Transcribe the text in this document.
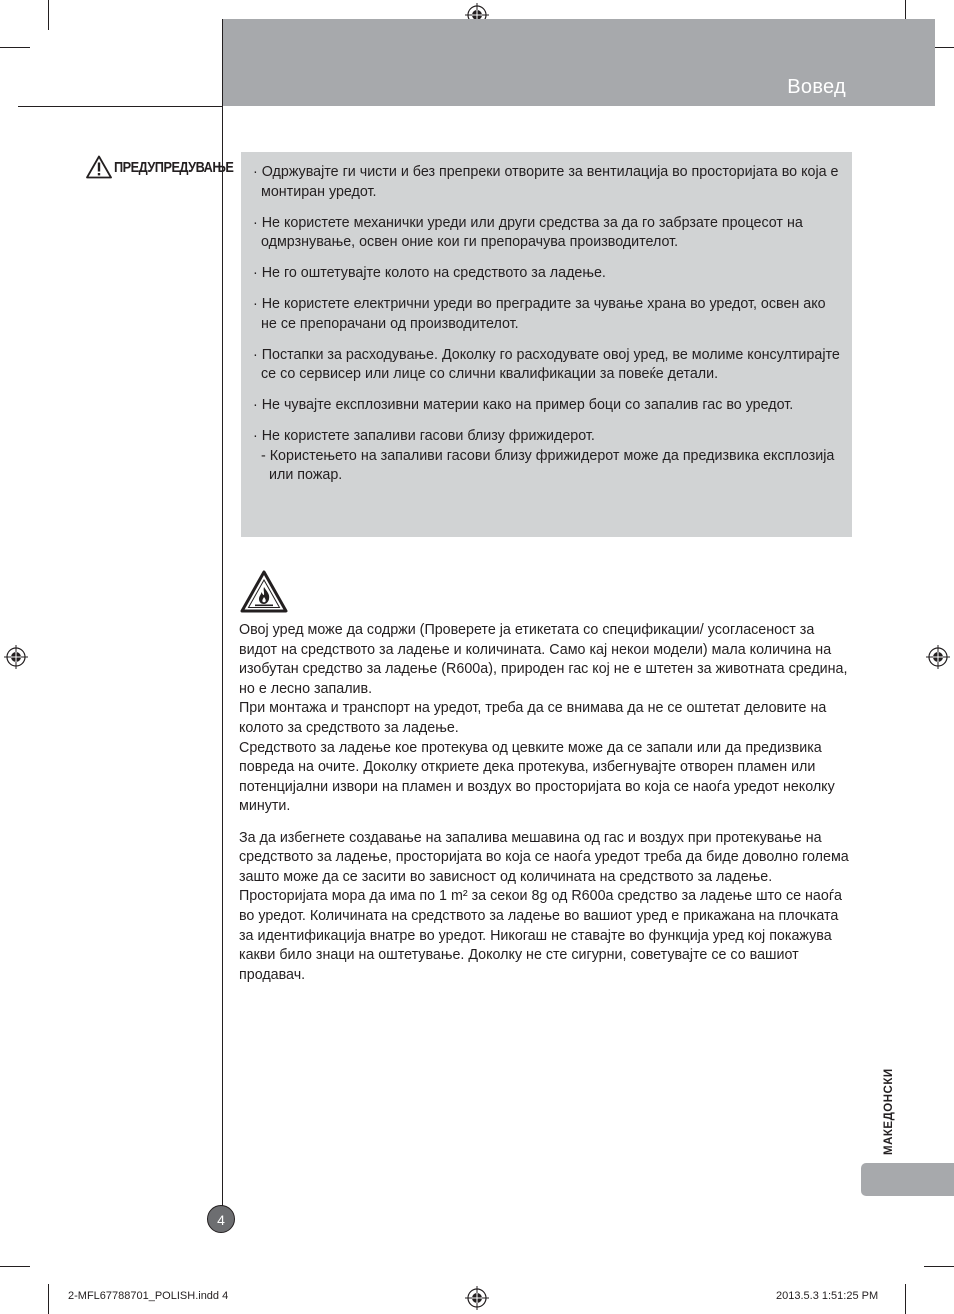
Вовед
ПРЕДУПРЕДУВАЊЕ · Одржувајте ги чисти и без препреки отворите за вентилација во просторијата во која е монтиран уредот.
· Не користете механички уреди или други средства за да го забрзате процесот на одмрзнување, освен оние кои ги препорачува производителот.
· Не го оштетувајте колото на средството за ладење.
· Не користете електрични уреди во преградите за чување храна во уредот, освен ако не се препорачани од производителот.
· Постапки за расходување. Доколку го расходувате овој уред, ве молиме консултирајте се со сервисер или лице со слични квалификации за повеќе детали.
· Не чувајте експлозивни материи како на пример боци со запалив гас во уредот.
· Не користете запаливи гасови близу фрижидерот.
- Користењето на запаливи гасови близу фрижидерот може да предизвика експлозија или пожар.

Овој уред може да содржи (Проверете ја етикетата со спецификации/ усогласеност за видот на средството за ладење и количината. Само кај некои модели) мала количина на изобутан средство за ладење (R600a), природен гас кој не е штетен за животната средина, но е лесно запалив.

При монтажа и транспорт на уредот, треба да се внимава да не се оштетат деловите на колото за средството за ладење.

Средството за ладење кое протекува од цевките може да се запали или да предизвика повреда на очите. Доколку откриете дека протекува, избегнувајте отворен пламен или потенцијални извори на пламен и воздух во просторијата во која се наоѓа уредот неколку минути.

За да избегнете создавање на запалива мешавина од гас и воздух при протекување на средството за ладење, просторијата во која се наоѓа уредот треба да биде доволно голема зашто може да се засити во зависност од количината на средството за ладење. Просторијата мора да има по 1 m² за секои 8g од R600a средство за ладење што се наоѓа во уредот. Количината на средството за ладење во вашиот уред е прикажана на плочката за идентификација внатре во уредот. Никогаш не ставајте во функција уред кој покажува какви било знаци на оштетување. Доколку не сте сигурни, советувајте се со вашиот продавач.

МАКЕДОНСКИ
4
2-MFL67788701_POLISH.indd 4	2013.5.3 1:51:25 PM
